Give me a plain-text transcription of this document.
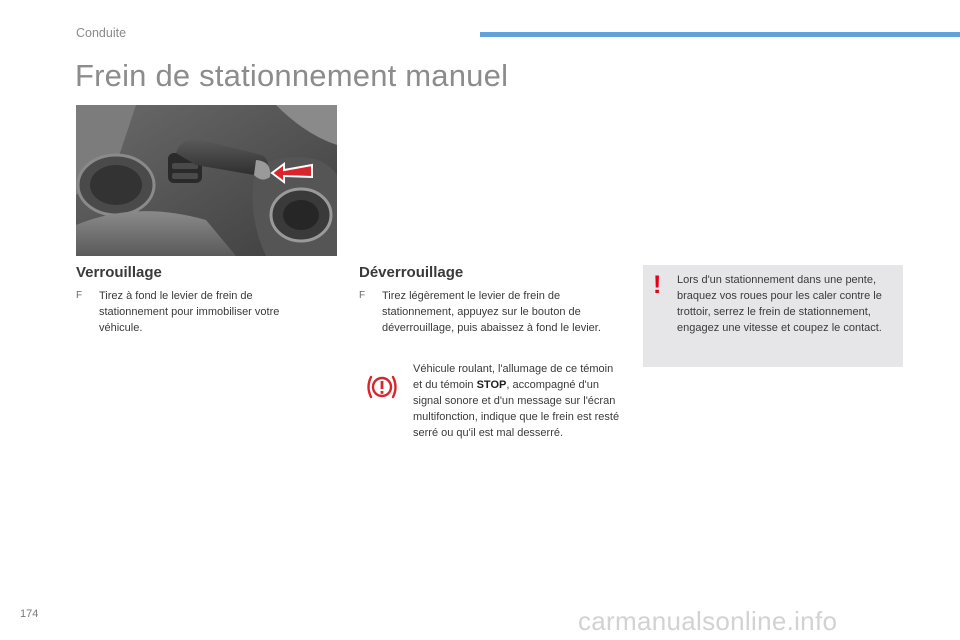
Conduite
Frein de stationnement manuel
Verrouillage
F Tirez à fond le levier de frein de stationnement pour immobiliser votre véhicule.
Déverrouillage
F Tirez légèrement le levier de frein de stationnement, appuyez sur le bouton de déverrouillage, puis abaissez à fond le levier.
Véhicule roulant, l'allumage de ce témoin et du témoin STOP, accompagné d'un signal sonore et d'un message sur l'écran multifonction, indique que le frein est resté serré ou qu'il est mal desserré.
! Lors d'un stationnement dans une pente, braquez vos roues pour les caler contre le trottoir, serrez le frein de stationnement, engagez une vitesse et coupez le contact.
174	carmanualsonline.info
